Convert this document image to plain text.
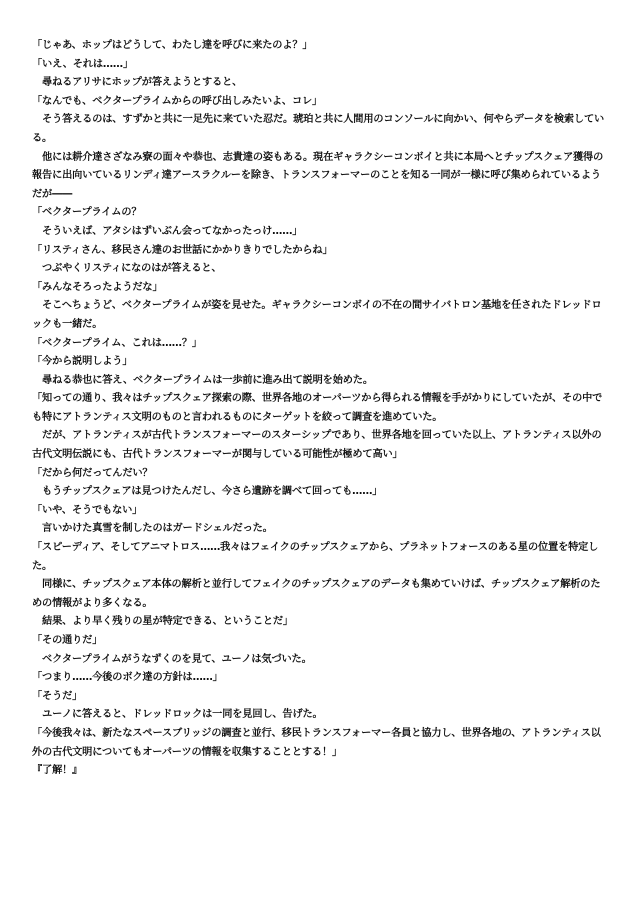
「じゃあ、ホップはどうして、わたし達を呼びに来たのよ？」

「いえ、それは……」

　尋ねるアリサにホップが答えようとすると、

「なんでも、ベクタープライムからの呼び出しみたいよ、コレ」

　そう答えるのは、すずかと共に一足先に来ていた忍だ。琥珀と共に人間用のコンソールに向かい、何やらデータを検索している。

　他には耕介達さざなみ寮の面々や恭也、志貴達の姿もある。現在ギャラクシーコンボイと共に本局へとチップスクェア獲得の報告に出向いているリンディ達アースラクルーを除き、トランスフォーマーのことを知る一同が一様に呼び集められているようだが――

「ベクタープライムの？

　そういえば、アタシはずいぶん会ってなかったっけ……」

「リスティさん、移民さん達のお世話にかかりきりでしたからね」

　つぶやくリスティになのはが答えると、

「みんなそろったようだな」

　そこへちょうど、ベクタープライムが姿を見せた。ギャラクシーコンボイの不在の間サイバトロン基地を任されたドレッドロックも一緒だ。

「ベクタープライム、これは……？」

「今から説明しよう」

　尋ねる恭也に答え、ベクタープライムは一歩前に進み出て説明を始めた。

「知っての通り、我々はチップスクェア探索の際、世界各地のオーパーツから得られる情報を手がかりにしていたが、その中でも特にアトランティス文明のものと言われるものにターゲットを絞って調査を進めていた。

　だが、アトランティスが古代トランスフォーマーのスターシップであり、世界各地を回っていた以上、アトランティス以外の古代文明伝説にも、古代トランスフォーマーが関与している可能性が極めて高い」

「だから何だってんだい？

　もうチップスクェアは見つけたんだし、今さら遺跡を調べて回っても……」

「いや、そうでもない」

　言いかけた真雪を制したのはガードシェルだった。

「スピーディア、そしてアニマトロス……我々はフェイクのチップスクェアから、プラネットフォースのある星の位置を特定した。

　同様に、チップスクェア本体の解析と並行してフェイクのチップスクェアのデータも集めていけば、チップスクェア解析のための情報がより多くなる。

　結果、より早く残りの星が特定できる、ということだ」

「その通りだ」

　ベクタープライムがうなずくのを見て、ユーノは気づいた。

「つまり……今後のボク達の方針は……」

「そうだ」

　ユーノに答えると、ドレッドロックは一同を見回し、告げた。

「今後我々は、新たなスペースブリッジの調査と並行、移民トランスフォーマー各員と協力し、世界各地の、アトランティス以外の古代文明についてもオーパーツの情報を収集することとする！」

『了解！』
